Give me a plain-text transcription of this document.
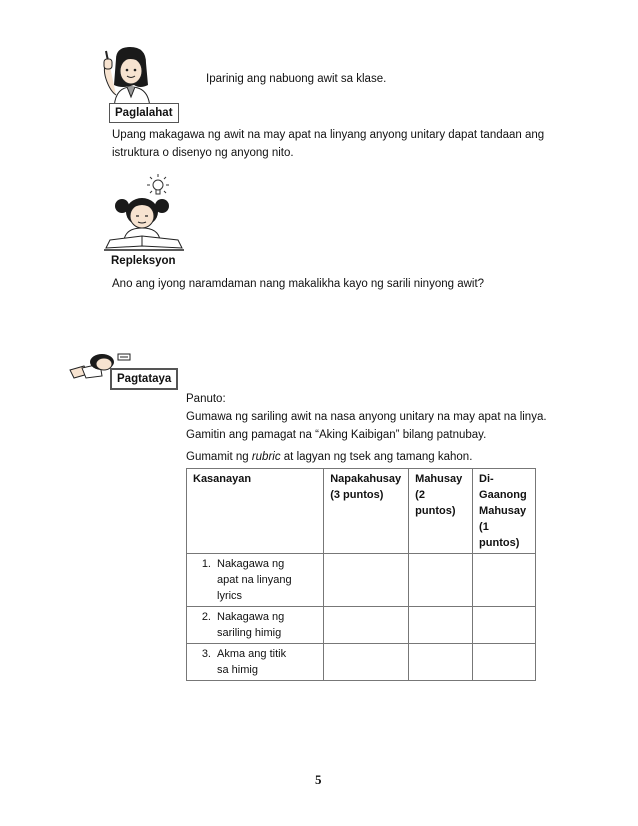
Paglalahat
Iparinig ang nabuong awit sa klase.
Upang makagawa ng awit na may apat na linyang anyong unitary dapat tandaan ang istruktura o disenyo ng anyong nito.
Repleksyon
Ano ang iyong naramdaman nang makalikha kayo ng sarili ninyong awit?
Pagtataya
Panuto:
Gumawa ng sariling awit na nasa anyong unitary na may apat na linya.
Gamitin ang pamagat na “Aking Kaibigan” bilang patnubay.
Gumamit ng rubric at lagyan ng tsek ang tamang kahon.
Kasanayan	Napakahusay (3 puntos)	Mahusay (2 puntos)	Di-Gaanong Mahusay (1 puntos)
1. Nakagawa ng apat na linyang lyrics			
2. Nakagawa ng sariling himig			
3. Akma ang titik sa himig			
5
